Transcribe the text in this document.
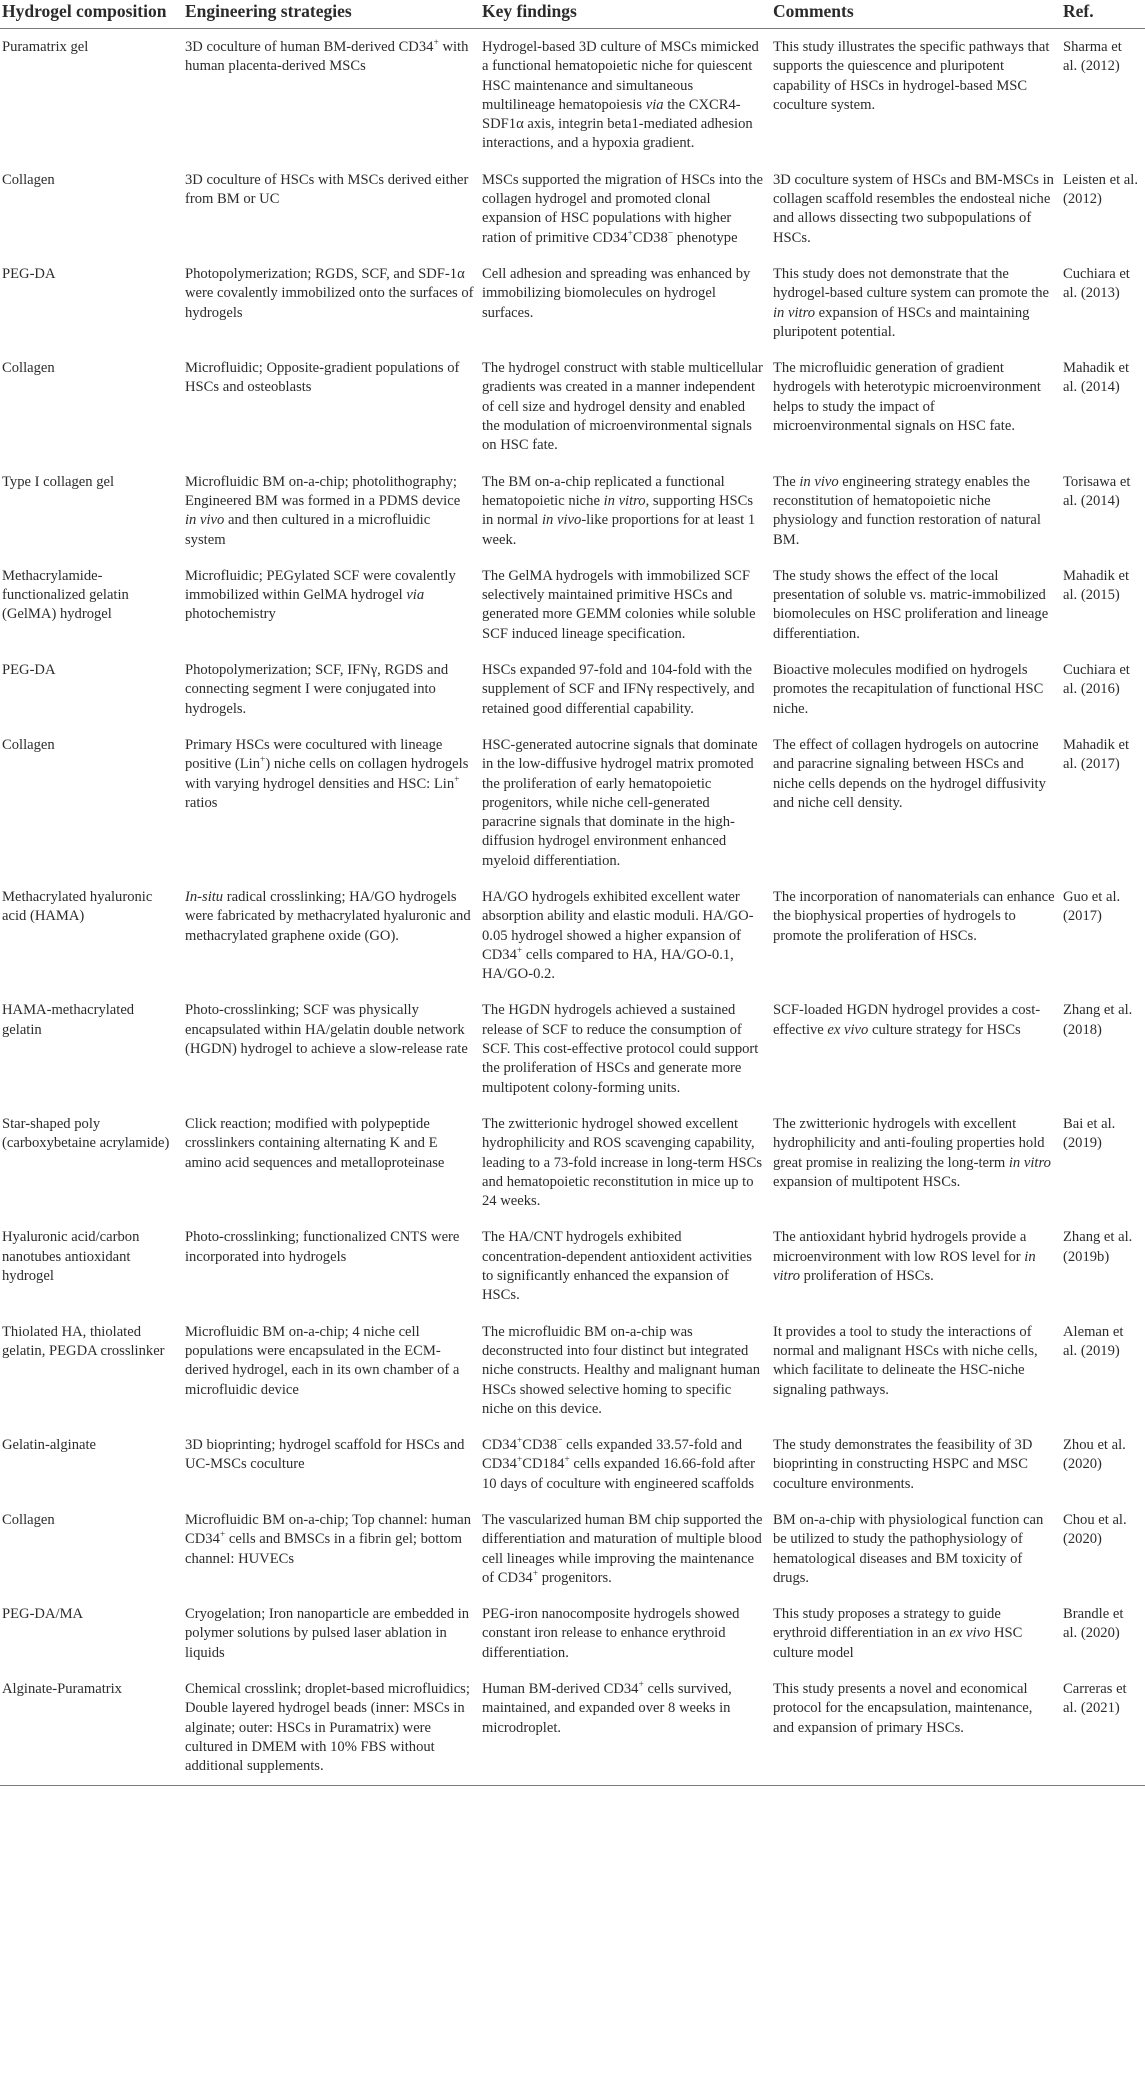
Hydrogel composition	Engineering strategies	Key findings	Comments	Ref.
Puramatrix gel	3D coculture of human BM-derived CD34+ with human placenta-derived MSCs	Hydrogel-based 3D culture of MSCs mimicked a functional hematopoietic niche for quiescent HSC maintenance and simultaneous multilineage hematopoiesis via the CXCR4-SDF1α axis, integrin beta1-mediated adhesion interactions, and a hypoxia gradient.	This study illustrates the specific pathways that supports the quiescence and pluripotent capability of HSCs in hydrogel-based MSC coculture system.	Sharma et al. (2012)
Collagen	3D coculture of HSCs with MSCs derived either from BM or UC	MSCs supported the migration of HSCs into the collagen hydrogel and promoted clonal expansion of HSC populations with higher ration of primitive CD34+CD38− phenotype	3D coculture system of HSCs and BM-MSCs in collagen scaffold resembles the endosteal niche and allows dissecting two subpopulations of HSCs.	Leisten et al. (2012)
PEG-DA	Photopolymerization; RGDS, SCF, and SDF-1α were covalently immobilized onto the surfaces of hydrogels	Cell adhesion and spreading was enhanced by immobilizing biomolecules on hydrogel surfaces.	This study does not demonstrate that the hydrogel-based culture system can promote the in vitro expansion of HSCs and maintaining pluripotent potential.	Cuchiara et al. (2013)
Collagen	Microfluidic; Opposite-gradient populations of HSCs and osteoblasts	The hydrogel construct with stable multicellular gradients was created in a manner independent of cell size and hydrogel density and enabled the modulation of microenvironmental signals on HSC fate.	The microfluidic generation of gradient hydrogels with heterotypic microenvironment helps to study the impact of microenvironmental signals on HSC fate.	Mahadik et al. (2014)
Type I collagen gel	Microfluidic BM on-a-chip; photolithography; Engineered BM was formed in a PDMS device in vivo and then cultured in a microfluidic system	The BM on-a-chip replicated a functional hematopoietic niche in vitro, supporting HSCs in normal in vivo-like proportions for at least 1 week.	The in vivo engineering strategy enables the reconstitution of hematopoietic niche physiology and function restoration of natural BM.	Torisawa et al. (2014)
Methacrylamide-functionalized gelatin (GelMA) hydrogel	Microfluidic; PEGylated SCF were covalently immobilized within GelMA hydrogel via photochemistry	The GelMA hydrogels with immobilized SCF selectively maintained primitive HSCs and generated more GEMM colonies while soluble SCF induced lineage specification.	The study shows the effect of the local presentation of soluble vs. matric-immobilized biomolecules on HSC proliferation and lineage differentiation.	Mahadik et al. (2015)
PEG-DA	Photopolymerization; SCF, IFNγ, RGDS and connecting segment I were conjugated into hydrogels.	HSCs expanded 97-fold and 104-fold with the supplement of SCF and IFNγ respectively, and retained good differential capability.	Bioactive molecules modified on hydrogels promotes the recapitulation of functional HSC niche.	Cuchiara et al. (2016)
Collagen	Primary HSCs were cocultured with lineage positive (Lin+) niche cells on collagen hydrogels with varying hydrogel densities and HSC: Lin+ ratios	HSC-generated autocrine signals that dominate in the low-diffusive hydrogel matrix promoted the proliferation of early hematopoietic progenitors, while niche cell-generated paracrine signals that dominate in the high-diffusion hydrogel environment enhanced myeloid differentiation.	The effect of collagen hydrogels on autocrine and paracrine signaling between HSCs and niche cells depends on the hydrogel diffusivity and niche cell density.	Mahadik et al. (2017)
Methacrylated hyaluronic acid (HAMA)	In-situ radical crosslinking; HA/GO hydrogels were fabricated by methacrylated hyaluronic and methacrylated graphene oxide (GO).	HA/GO hydrogels exhibited excellent water absorption ability and elastic moduli. HA/GO-0.05 hydrogel showed a higher expansion of CD34+ cells compared to HA, HA/GO-0.1, HA/GO-0.2.	The incorporation of nanomaterials can enhance the biophysical properties of hydrogels to promote the proliferation of HSCs.	Guo et al. (2017)
HAMA-methacrylated gelatin	Photo-crosslinking; SCF was physically encapsulated within HA/gelatin double network (HGDN) hydrogel to achieve a slow-release rate	The HGDN hydrogels achieved a sustained release of SCF to reduce the consumption of SCF. This cost-effective protocol could support the proliferation of HSCs and generate more multipotent colony-forming units.	SCF-loaded HGDN hydrogel provides a cost-effective ex vivo culture strategy for HSCs	Zhang et al. (2018)
Star-shaped poly (carboxybetaine acrylamide)	Click reaction; modified with polypeptide crosslinkers containing alternating K and E amino acid sequences and metalloproteinase	The zwitterionic hydrogel showed excellent hydrophilicity and ROS scavenging capability, leading to a 73-fold increase in long-term HSCs and hematopoietic reconstitution in mice up to 24 weeks.	The zwitterionic hydrogels with excellent hydrophilicity and anti-fouling properties hold great promise in realizing the long-term in vitro expansion of multipotent HSCs.	Bai et al. (2019)
Hyaluronic acid/carbon nanotubes antioxidant hydrogel	Photo-crosslinking; functionalized CNTS were incorporated into hydrogels	The HA/CNT hydrogels exhibited concentration-dependent antioxident activities to significantly enhanced the expansion of HSCs.	The antioxidant hybrid hydrogels provide a microenvironment with low ROS level for in vitro proliferation of HSCs.	Zhang et al. (2019b)
Thiolated HA, thiolated gelatin, PEGDA crosslinker	Microfluidic BM on-a-chip; 4 niche cell populations were encapsulated in the ECM-derived hydrogel, each in its own chamber of a microfluidic device	The microfluidic BM on-a-chip was deconstructed into four distinct but integrated niche constructs. Healthy and malignant human HSCs showed selective homing to specific niche on this device.	It provides a tool to study the interactions of normal and malignant HSCs with niche cells, which facilitate to delineate the HSC-niche signaling pathways.	Aleman et al. (2019)
Gelatin-alginate	3D bioprinting; hydrogel scaffold for HSCs and UC-MSCs coculture	CD34+CD38− cells expanded 33.57-fold and CD34+CD184+ cells expanded 16.66-fold after 10 days of coculture with engineered scaffolds	The study demonstrates the feasibility of 3D bioprinting in constructing HSPC and MSC coculture environments.	Zhou et al. (2020)
Collagen	Microfluidic BM on-a-chip; Top channel: human CD34+ cells and BMSCs in a fibrin gel; bottom channel: HUVECs	The vascularized human BM chip supported the differentiation and maturation of multiple blood cell lineages while improving the maintenance of CD34+ progenitors.	BM on-a-chip with physiological function can be utilized to study the pathophysiology of hematological diseases and BM toxicity of drugs.	Chou et al. (2020)
PEG-DA/MA	Cryogelation; Iron nanoparticle are embedded in polymer solutions by pulsed laser ablation in liquids	PEG-iron nanocomposite hydrogels showed constant iron release to enhance erythroid differentiation.	This study proposes a strategy to guide erythroid differentiation in an ex vivo HSC culture model	Brandle et al. (2020)
Alginate-Puramatrix	Chemical crosslink; droplet-based microfluidics; Double layered hydrogel beads (inner: MSCs in alginate; outer: HSCs in Puramatrix) were cultured in DMEM with 10% FBS without additional supplements.	Human BM-derived CD34+ cells survived, maintained, and expanded over 8 weeks in microdroplet.	This study presents a novel and economical protocol for the encapsulation, maintenance, and expansion of primary HSCs.	Carreras et al. (2021)
